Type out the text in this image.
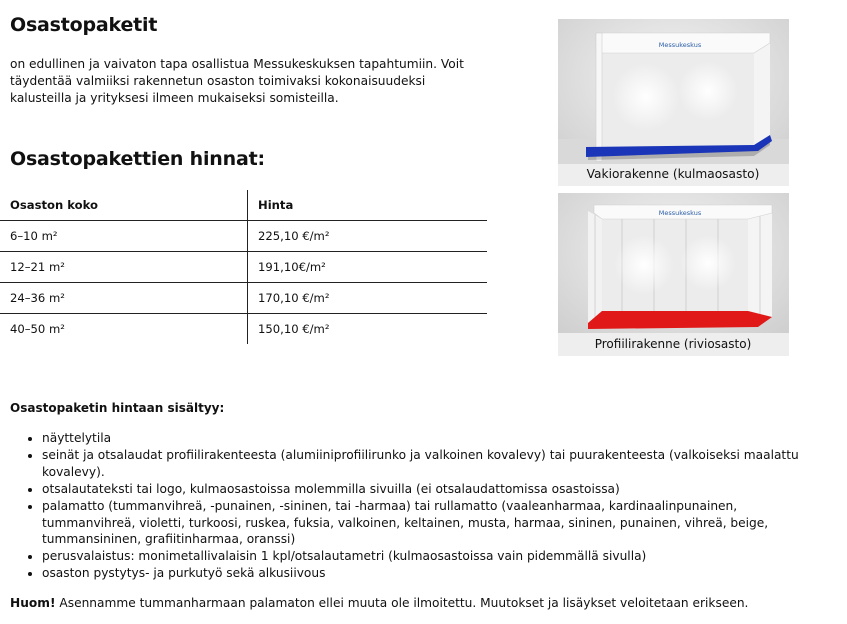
Osastopaketit
on edullinen ja vaivaton tapa osallistua Messukeskuksen tapahtumiin. Voit täydentää valmiiksi rakennetun osaston toimivaksi kokonaisuudeksi kalusteilla ja yrityksesi ilmeen mukaiseksi somisteilla.
Osastopakettien hinnat:
Osaston koko	Hinta
6–10 m²	225,10 €/m²
12–21 m²	191,10€/m²
24–36 m²	170,10 €/m²
40–50 m²	150,10 €/m²
Messukeskus
Vakiorakenne (kulmaosasto)
Messukeskus
Profiilirakenne (riviosasto)
Osastopaketin hintaan sisältyy:
• näyttelytila
• seinät ja otsalaudat profiilirakenteesta (alumiiniprofiilirunko ja valkoinen kovalevy) tai puurakenteesta (valkoiseksi maalattu kovalevy).
• otsalautateksti tai logo, kulmaosastoissa molemmilla sivuilla (ei otsalaudattomissa osastoissa)
• palamatto (tummanvihreä, -punainen, -sininen, tai -harmaa) tai rullamatto (vaaleanharmaa, kardinaalinpunainen, tummanvihreä, violetti, turkoosi, ruskea, fuksia, valkoinen, keltainen, musta, harmaa, sininen, punainen, vihreä, beige, tummansininen, grafiitinharmaa, oranssi)
• perusvalaistus: monimetallivalaisin 1 kpl/otsalautametri (kulmaosastoissa vain pidemmällä sivulla)
• osaston pystytys- ja purkutyö sekä alkusiivous
Huom! Asennamme tummanharmaan palamaton ellei muuta ole ilmoitettu. Muutokset ja lisäykset veloitetaan erikseen.
